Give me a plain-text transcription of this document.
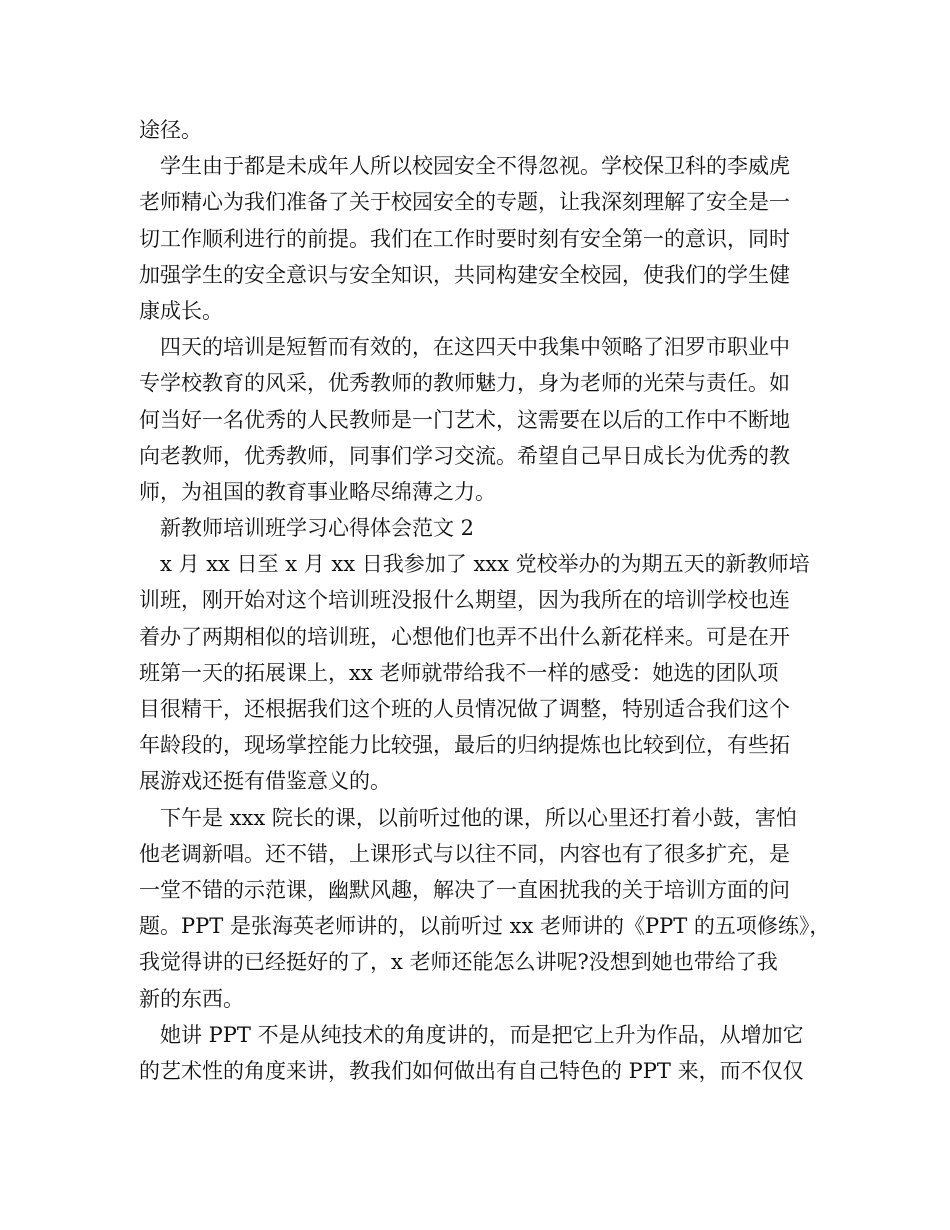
途径。
学生由于都是未成年人所以校园安全不得忽视。学校保卫科的李威虎
老师精心为我们准备了关于校园安全的专题，让我深刻理解了安全是一
切工作顺利进行的前提。我们在工作时要时刻有安全第一的意识，同时
加强学生的安全意识与安全知识，共同构建安全校园，使我们的学生健
康成长。
四天的培训是短暂而有效的，在这四天中我集中领略了汨罗市职业中
专学校教育的风采，优秀教师的教师魅力，身为老师的光荣与责任。如
何当好一名优秀的人民教师是一门艺术，这需要在以后的工作中不断地
向老教师，优秀教师，同事们学习交流。希望自己早日成长为优秀的教
师，为祖国的教育事业略尽绵薄之力。
新教师培训班学习心得体会范文 2
x 月 xx 日至 x 月 xx 日我参加了 xxx 党校举办的为期五天的新教师培
训班，刚开始对这个培训班没报什么期望，因为我所在的培训学校也连
着办了两期相似的培训班，心想他们也弄不出什么新花样来。可是在开
班第一天的拓展课上，xx 老师就带给我不一样的感受：她选的团队项
目很精干，还根据我们这个班的人员情况做了调整，特别适合我们这个
年龄段的，现场掌控能力比较强，最后的归纳提炼也比较到位，有些拓
展游戏还挺有借鉴意义的。
下午是 xxx 院长的课，以前听过他的课，所以心里还打着小鼓，害怕
他老调新唱。还不错，上课形式与以往不同，内容也有了很多扩充，是
一堂不错的示范课，幽默风趣，解决了一直困扰我的关于培训方面的问
题。PPT 是张海英老师讲的，以前听过 xx 老师讲的《PPT 的五项修练》，
我觉得讲的已经挺好的了，x 老师还能怎么讲呢?没想到她也带给了我
新的东西。
她讲 PPT 不是从纯技术的角度讲的，而是把它上升为作品，从增加它
的艺术性的角度来讲，教我们如何做出有自己特色的 PPT 来，而不仅仅
